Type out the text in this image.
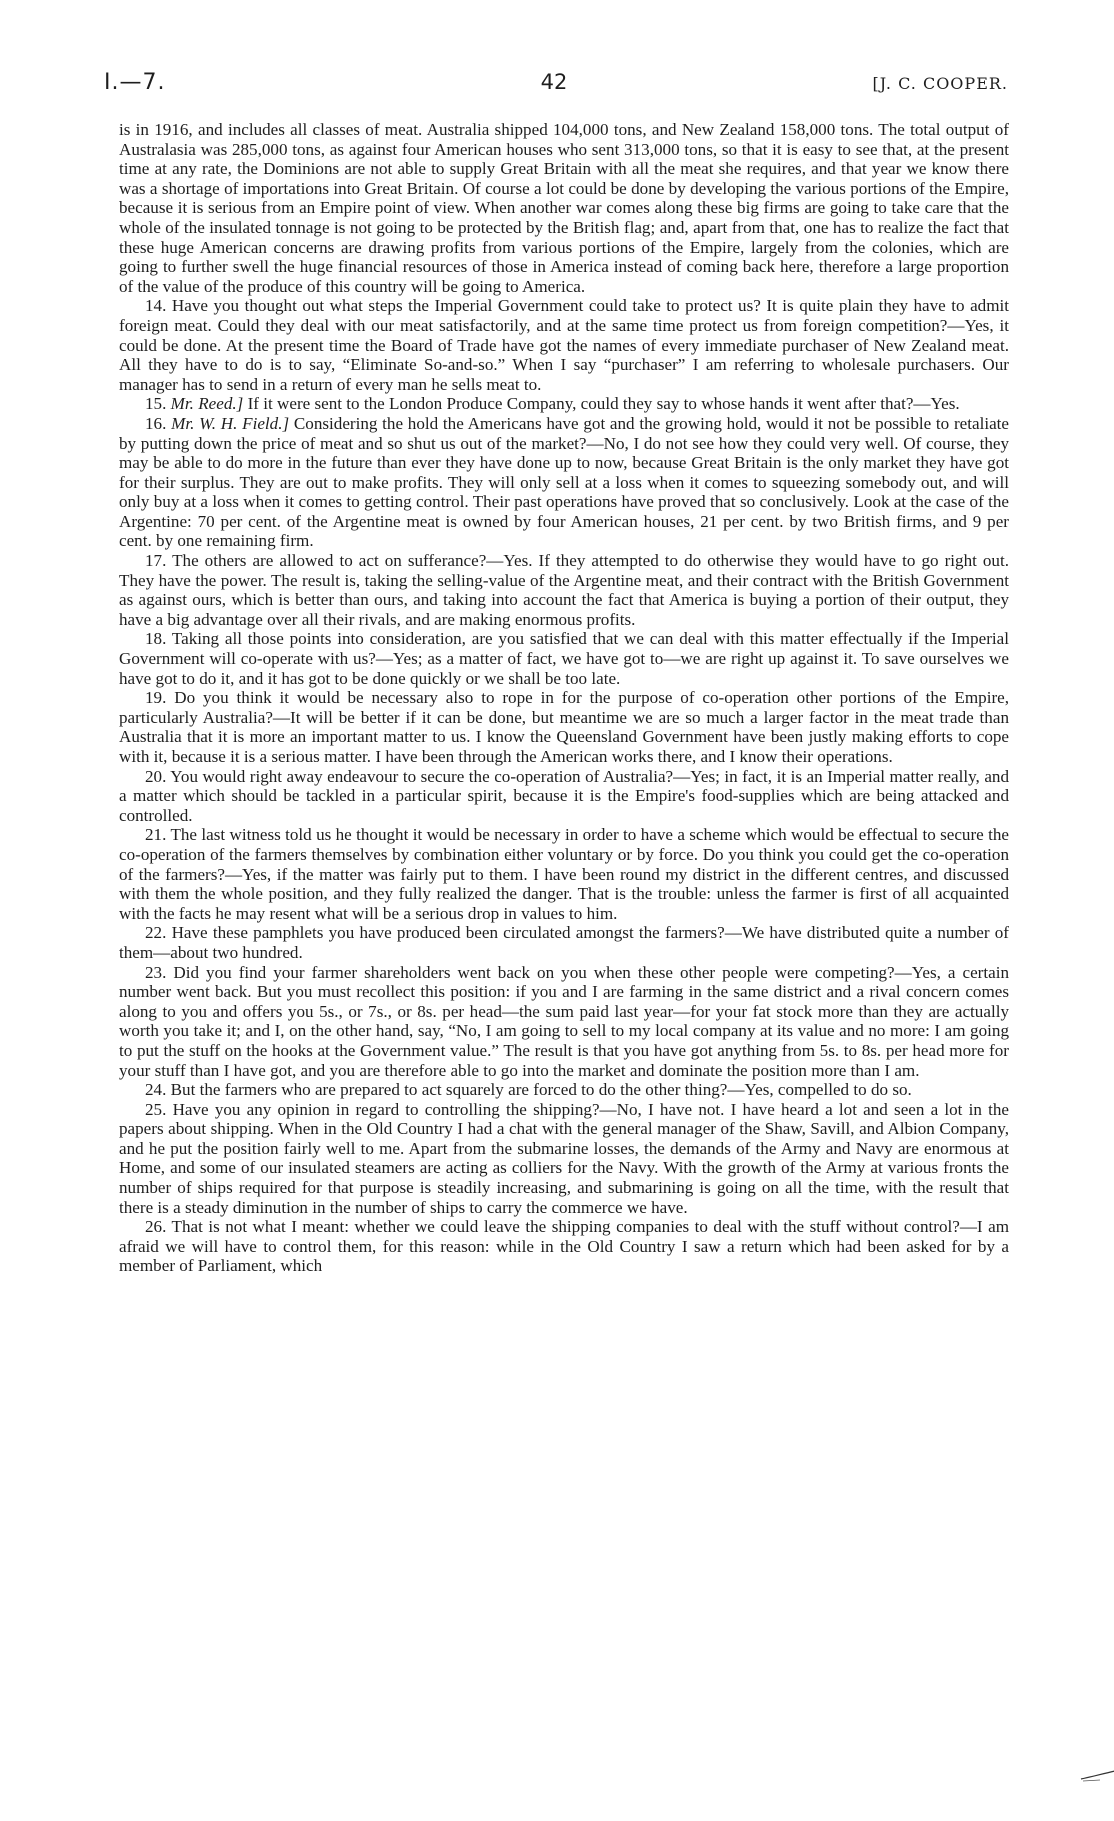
I.—7.	42	[J. C. COOPER.

is in 1916, and includes all classes of meat. Australia shipped 104,000 tons, and New Zealand 158,000 tons. The total output of Australasia was 285,000 tons, as against four American houses who sent 313,000 tons, so that it is easy to see that, at the present time at any rate, the Dominions are not able to supply Great Britain with all the meat she requires, and that year we know there was a shortage of importations into Great Britain. Of course a lot could be done by developing the various portions of the Empire, because it is serious from an Empire point of view. When another war comes along these big firms are going to take care that the whole of the insulated tonnage is not going to be protected by the British flag; and, apart from that, one has to realize the fact that these huge American concerns are drawing profits from various portions of the Empire, largely from the colonies, which are going to further swell the huge financial resources of those in America instead of coming back here, therefore a large proportion of the value of the produce of this country will be going to America.

14. Have you thought out what steps the Imperial Government could take to protect us? It is quite plain they have to admit foreign meat. Could they deal with our meat satisfactorily, and at the same time protect us from foreign competition?—Yes, it could be done. At the present time the Board of Trade have got the names of every immediate purchaser of New Zealand meat. All they have to do is to say, “Eliminate So-and-so.” When I say “purchaser” I am referring to wholesale purchasers. Our manager has to send in a return of every man he sells meat to.

15. Mr. Reed.] If it were sent to the London Produce Company, could they say to whose hands it went after that?—Yes.

16. Mr. W. H. Field.] Considering the hold the Americans have got and the growing hold, would it not be possible to retaliate by putting down the price of meat and so shut us out of the market?—No, I do not see how they could very well. Of course, they may be able to do more in the future than ever they have done up to now, because Great Britain is the only market they have got for their surplus. They are out to make profits. They will only sell at a loss when it comes to squeezing somebody out, and will only buy at a loss when it comes to getting control. Their past operations have proved that so conclusively. Look at the case of the Argentine: 70 per cent. of the Argentine meat is owned by four American houses, 21 per cent. by two British firms, and 9 per cent. by one remaining firm.

17. The others are allowed to act on sufferance?—Yes. If they attempted to do otherwise they would have to go right out. They have the power. The result is, taking the selling-value of the Argentine meat, and their contract with the British Government as against ours, which is better than ours, and taking into account the fact that America is buying a portion of their output, they have a big advantage over all their rivals, and are making enormous profits.

18. Taking all those points into consideration, are you satisfied that we can deal with this matter effectually if the Imperial Government will co-operate with us?—Yes; as a matter of fact, we have got to—we are right up against it. To save ourselves we have got to do it, and it has got to be done quickly or we shall be too late.

19. Do you think it would be necessary also to rope in for the purpose of co-operation other portions of the Empire, particularly Australia?—It will be better if it can be done, but meantime we are so much a larger factor in the meat trade than Australia that it is more an important matter to us. I know the Queensland Government have been justly making efforts to cope with it, because it is a serious matter. I have been through the American works there, and I know their operations.

20. You would right away endeavour to secure the co-operation of Australia?—Yes; in fact, it is an Imperial matter really, and a matter which should be tackled in a particular spirit, because it is the Empire's food-supplies which are being attacked and controlled.

21. The last witness told us he thought it would be necessary in order to have a scheme which would be effectual to secure the co-operation of the farmers themselves by combination either voluntary or by force. Do you think you could get the co-operation of the farmers?—Yes, if the matter was fairly put to them. I have been round my district in the different centres, and discussed with them the whole position, and they fully realized the danger. That is the trouble: unless the farmer is first of all acquainted with the facts he may resent what will be a serious drop in values to him.

22. Have these pamphlets you have produced been circulated amongst the farmers?—We have distributed quite a number of them—about two hundred.

23. Did you find your farmer shareholders went back on you when these other people were competing?—Yes, a certain number went back. But you must recollect this position: if you and I are farming in the same district and a rival concern comes along to you and offers you 5s., or 7s., or 8s. per head—the sum paid last year—for your fat stock more than they are actually worth you take it; and I, on the other hand, say, “No, I am going to sell to my local company at its value and no more: I am going to put the stuff on the hooks at the Government value.” The result is that you have got anything from 5s. to 8s. per head more for your stuff than I have got, and you are therefore able to go into the market and dominate the position more than I am.

24. But the farmers who are prepared to act squarely are forced to do the other thing?—Yes, compelled to do so.

25. Have you any opinion in regard to controlling the shipping?—No, I have not. I have heard a lot and seen a lot in the papers about shipping. When in the Old Country I had a chat with the general manager of the Shaw, Savill, and Albion Company, and he put the position fairly well to me. Apart from the submarine losses, the demands of the Army and Navy are enormous at Home, and some of our insulated steamers are acting as colliers for the Navy. With the growth of the Army at various fronts the number of ships required for that purpose is steadily increasing, and submarining is going on all the time, with the result that there is a steady diminution in the number of ships to carry the commerce we have.

26. That is not what I meant: whether we could leave the shipping companies to deal with the stuff without control?—I am afraid we will have to control them, for this reason: while in the Old Country I saw a return which had been asked for by a member of Parliament, which
